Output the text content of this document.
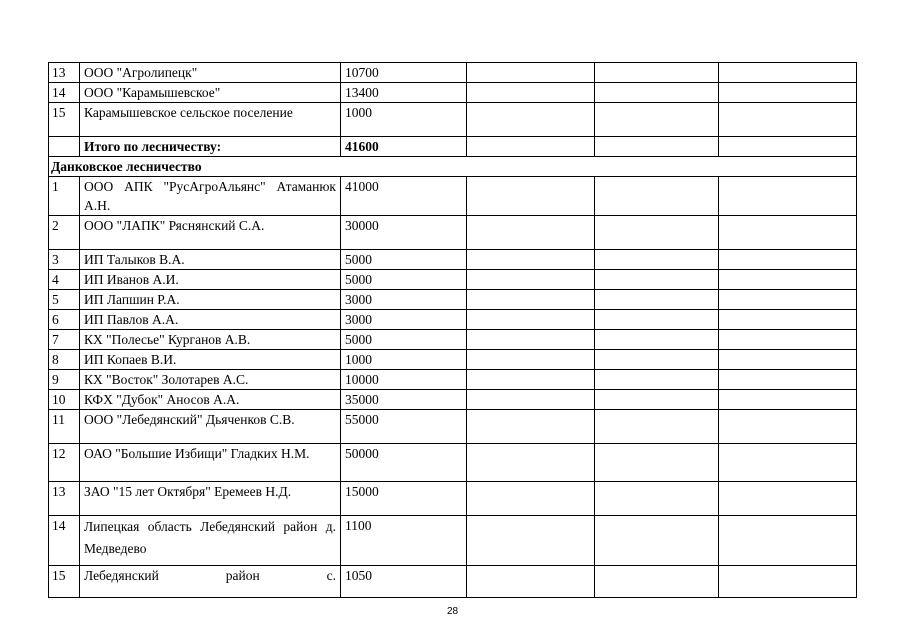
13	ООО "Агролипецк"	10700			
14	ООО "Карамышевское"	13400			
15	Карамышевское сельское поселение	1000			
	Итого по лесничеству:	41600			
Данковское лесничество					
1	ООО АПК "РусАгроАльянс" Атаманюк А.Н.	41000			
2	ООО "ЛАПК" Ряснянский С.А.	30000			
3	ИП Талыков В.А.	5000			
4	ИП Иванов А.И.	5000			
5	ИП Лапшин Р.А.	3000			
6	ИП Павлов А.А.	3000			
7	КХ "Полесье" Курганов А.В.	5000			
8	ИП Копаев В.И.	1000			
9	КХ "Восток" Золотарев А.С.	10000			
10	КФХ "Дубок" Аносов А.А.	35000			
11	ООО "Лебедянский" Дьяченков С.В.	55000			
12	ОАО "Большие Избищи" Гладких Н.М.	50000			
13	ЗАО "15 лет Октября" Еремеев Н.Д.	15000			
14	Липецкая область Лебедянский район д. Медведево	1100			
15	Лебедянский район с.	1050			
28
